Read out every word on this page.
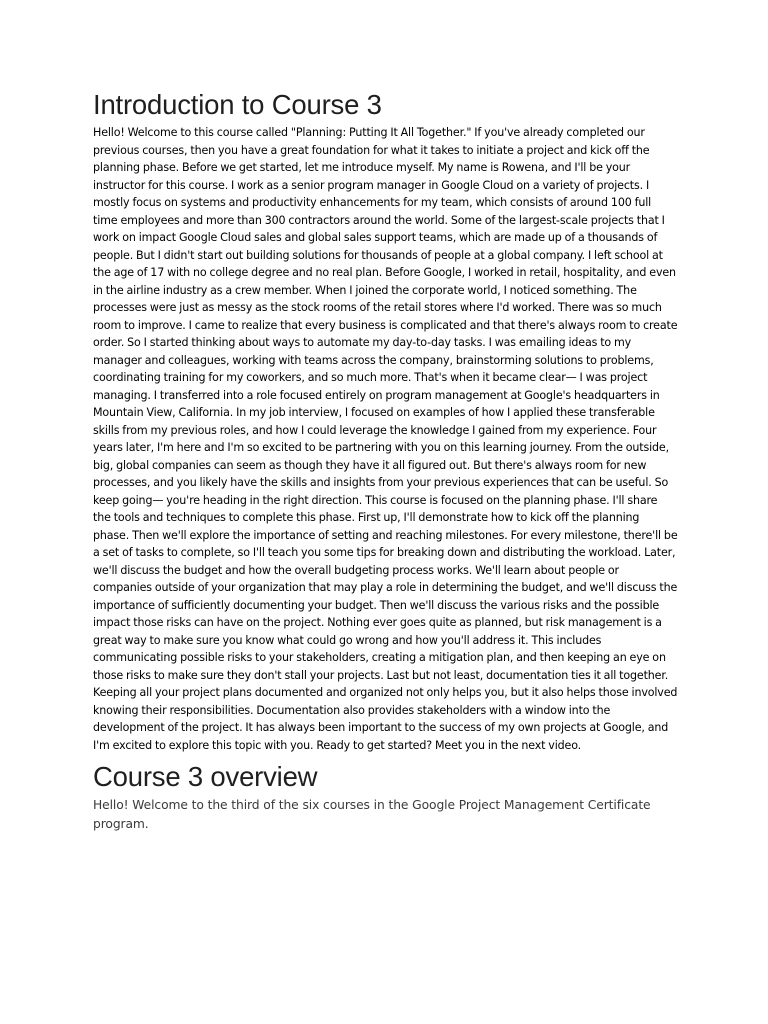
Introduction to Course 3

Hello! Welcome to this course called "Planning: Putting It All Together." If you've already completed our previous courses, then you have a great foundation for what it takes to initiate a project and kick off the planning phase. Before we get started, let me introduce myself. My name is Rowena, and I'll be your instructor for this course. I work as a senior program manager in Google Cloud on a variety of projects. I mostly focus on systems and productivity enhancements for my team, which consists of around 100 full time employees and more than 300 contractors around the world. Some of the largest-scale projects that I work on impact Google Cloud sales and global sales support teams, which are made up of a thousands of people. But I didn't start out building solutions for thousands of people at a global company. I left school at the age of 17 with no college degree and no real plan. Before Google, I worked in retail, hospitality, and even in the airline industry as a crew member. When I joined the corporate world, I noticed something. The processes were just as messy as the stock rooms of the retail stores where I'd worked. There was so much room to improve. I came to realize that every business is complicated and that there's always room to create order. So I started thinking about ways to automate my day-to-day tasks. I was emailing ideas to my manager and colleagues, working with teams across the company, brainstorming solutions to problems, coordinating training for my coworkers, and so much more. That's when it became clear— I was project managing. I transferred into a role focused entirely on program management at Google's headquarters in Mountain View, California. In my job interview, I focused on examples of how I applied these transferable skills from my previous roles, and how I could leverage the knowledge I gained from my experience. Four years later, I'm here and I'm so excited to be partnering with you on this learning journey. From the outside, big, global companies can seem as though they have it all figured out. But there's always room for new processes, and you likely have the skills and insights from your previous experiences that can be useful. So keep going— you're heading in the right direction. This course is focused on the planning phase. I'll share the tools and techniques to complete this phase. First up, I'll demonstrate how to kick off the planning phase. Then we'll explore the importance of setting and reaching milestones. For every milestone, there'll be a set of tasks to complete, so I'll teach you some tips for breaking down and distributing the workload. Later, we'll discuss the budget and how the overall budgeting process works. We'll learn about people or companies outside of your organization that may play a role in determining the budget, and we'll discuss the importance of sufficiently documenting your budget. Then we'll discuss the various risks and the possible impact those risks can have on the project. Nothing ever goes quite as planned, but risk management is a great way to make sure you know what could go wrong and how you'll address it. This includes communicating possible risks to your stakeholders, creating a mitigation plan, and then keeping an eye on those risks to make sure they don't stall your projects. Last but not least, documentation ties it all together. Keeping all your project plans documented and organized not only helps you, but it also helps those involved knowing their responsibilities. Documentation also provides stakeholders with a window into the development of the project. It has always been important to the success of my own projects at Google, and I'm excited to explore this topic with you. Ready to get started? Meet you in the next video.

Course 3 overview

Hello! Welcome to the third of the six courses in the Google Project Management Certificate program.
